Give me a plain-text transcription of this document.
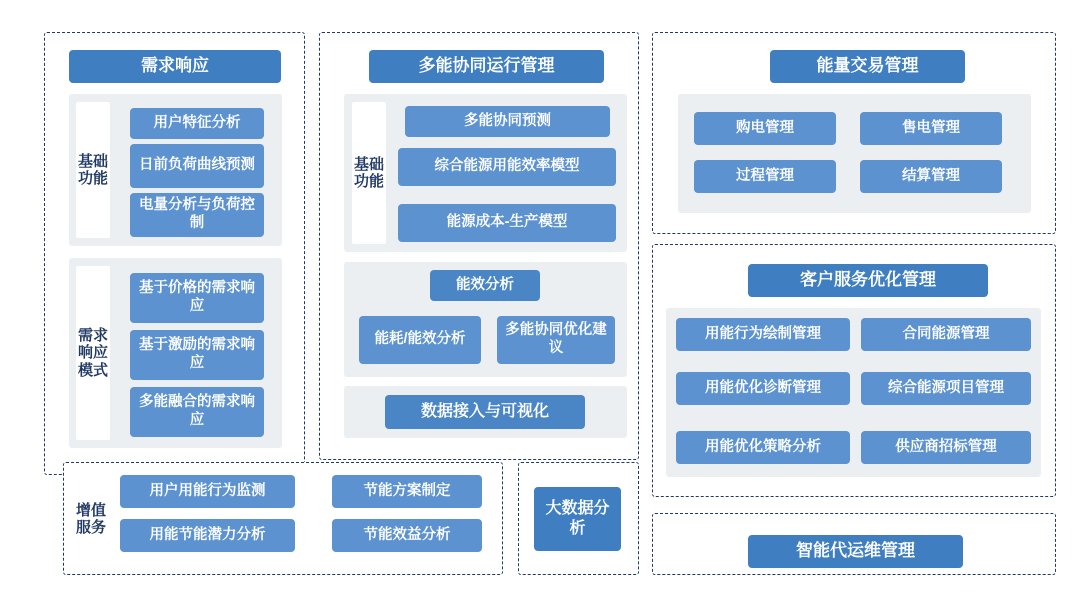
需求响应
基础功能
用户特征分析
日前负荷曲线预测
电量分析与负荷控制
需求响应模式
基于价格的需求响应
基于激励的需求响应
多能融合的需求响应
增值服务
用户用能行为监测
用能节能潜力分析
节能方案制定
节能效益分析
多能协同运行管理
基础功能
多能协同预测
综合能源用能效率模型
能源成本-生产模型
能效分析
能耗/能效分析
多能协同优化建议
数据接入与可视化
大数据分析
能量交易管理
购电管理	售电管理
过程管理	结算管理
客户服务优化管理
用能行为绘制管理	合同能源管理
用能优化诊断管理	综合能源项目管理
用能优化策略分析	供应商招标管理
智能代运维管理
